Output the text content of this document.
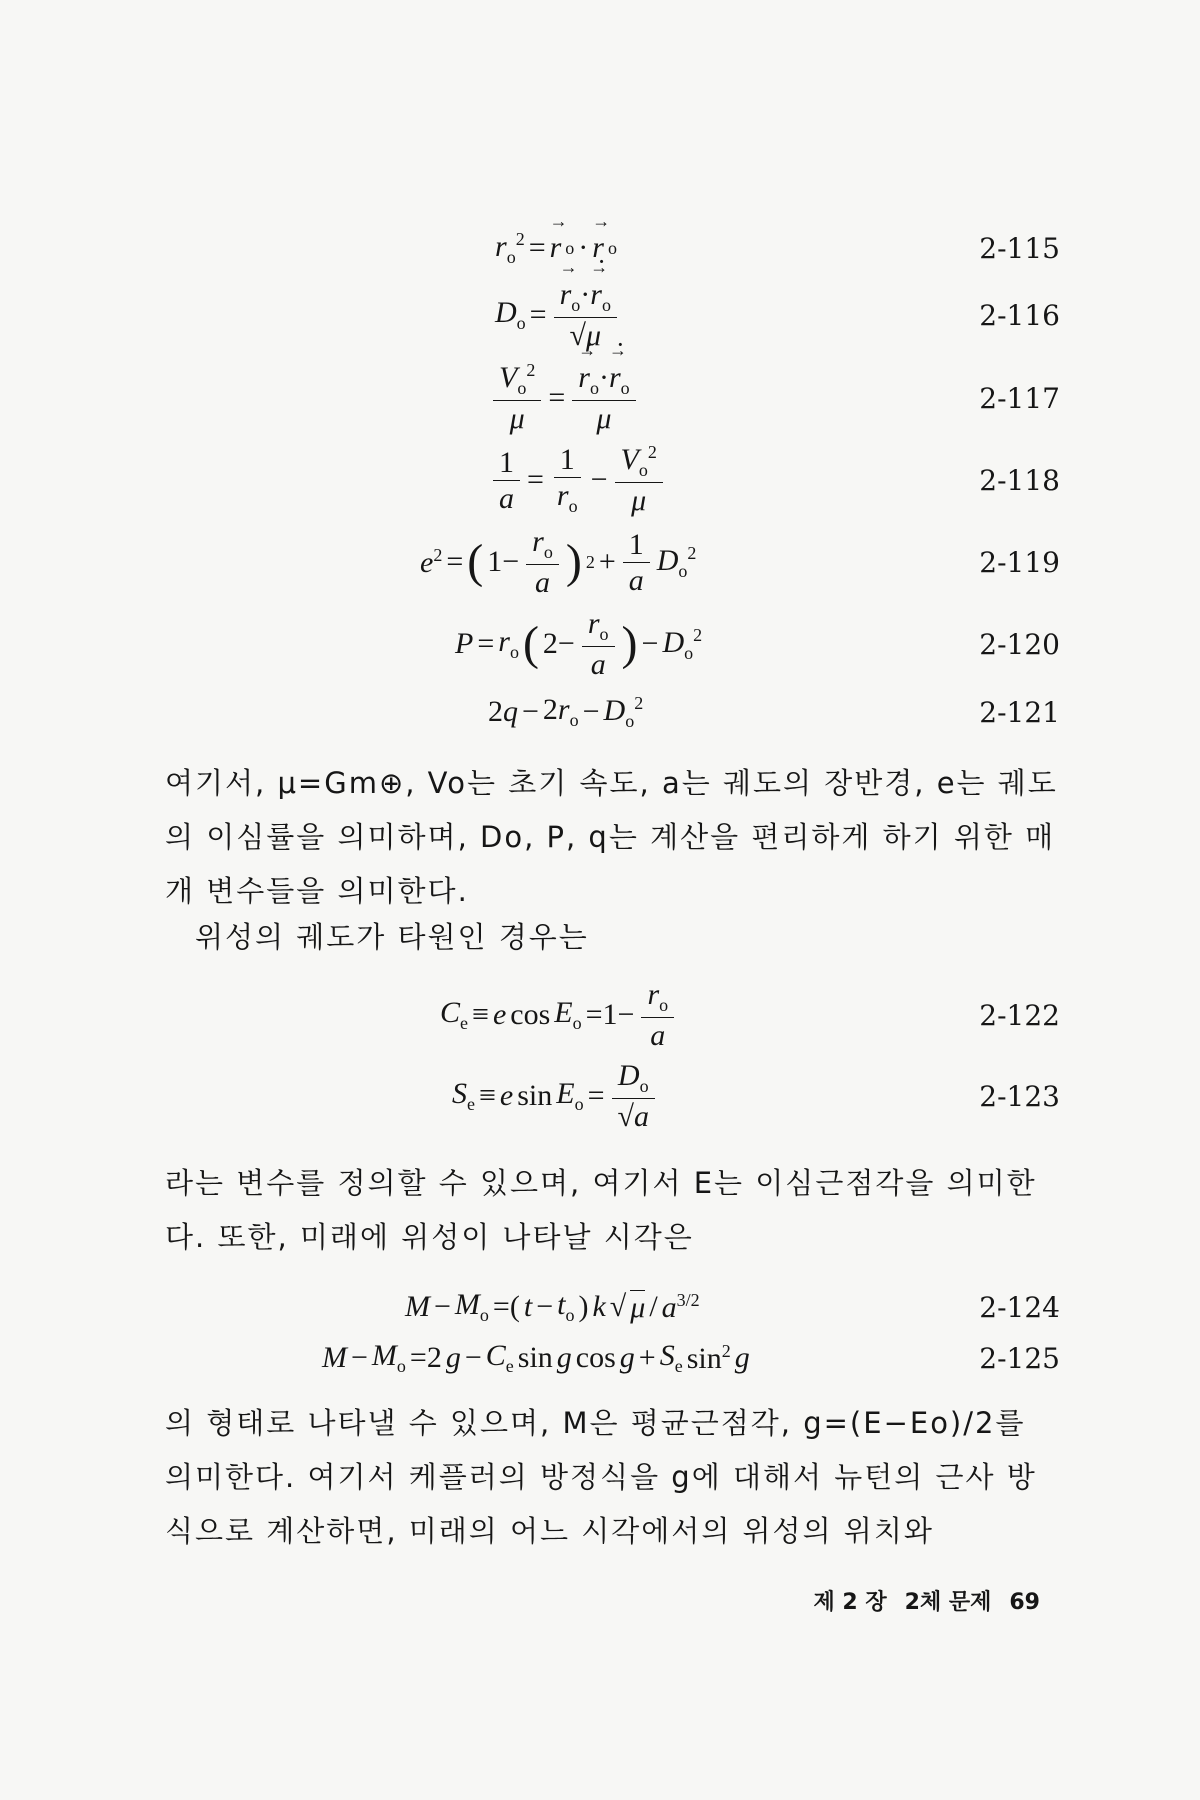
$r_o^2$ = → r o · → r o	2-115
$D_o$ = → $\frac{r_o\cdot\to r \cdot_o}{√\mu}$	2-116
$\frac{V_o^2}{\mu}$ = → $\frac{r \cdot_o\cdot\to r \cdot_o}{\mu}$	2-117
$\frac{1}{a} = \frac{1}{r_o} - \frac{V_o^2}{\mu}$	2-118
$e^2$ = ( $1- \frac{r_o}{a}$ ) $2 + \frac{1}{a} D_o^2$	2-119
$P = r_o$ ( $2- \frac{r_o}{a}$ ) − $D_o^2$	2-120
$2q - 2r_o - D_o^2$	2-121

여기서, μ=Gm⊕, Vo는 초기 속도, a는 궤도의 장반경, e는 궤도의 이심률을 의미하며, Do, P, q는 계산을 편리하게 하기 위한 매개 변수들을 의미한다.

위성의 궤도가 타원인 경우는

$C_e \equiv e$ $\cos E_o =1- \frac{r_o}{a}$	2-122
$S_e \equiv e$ $\sin E_o = \frac{D_o}{√a}$	2-123

라는 변수를 정의할 수 있으며, 여기서 E는 이심근점각을 의미한다. 또한, 미래에 위성이 나타날 시각은

$M - M_o$ =( $t - t_o$ ) k √ μ / $a^{3/2}$	2-124
$M - M_o =2$ $g - C_e$ sin g $\cos g + S_e$ $\sin^2 g$	2-125

의 형태로 나타낼 수 있으며, M은 평균근점각, g=(E−Eo)/2를 의미한다. 여기서 케플러의 방정식을 g에 대해서 뉴턴의 근사 방식으로 계산하면, 미래의 어느 시각에서의 위성의 위치와

제 2 장 2체 문제 69
